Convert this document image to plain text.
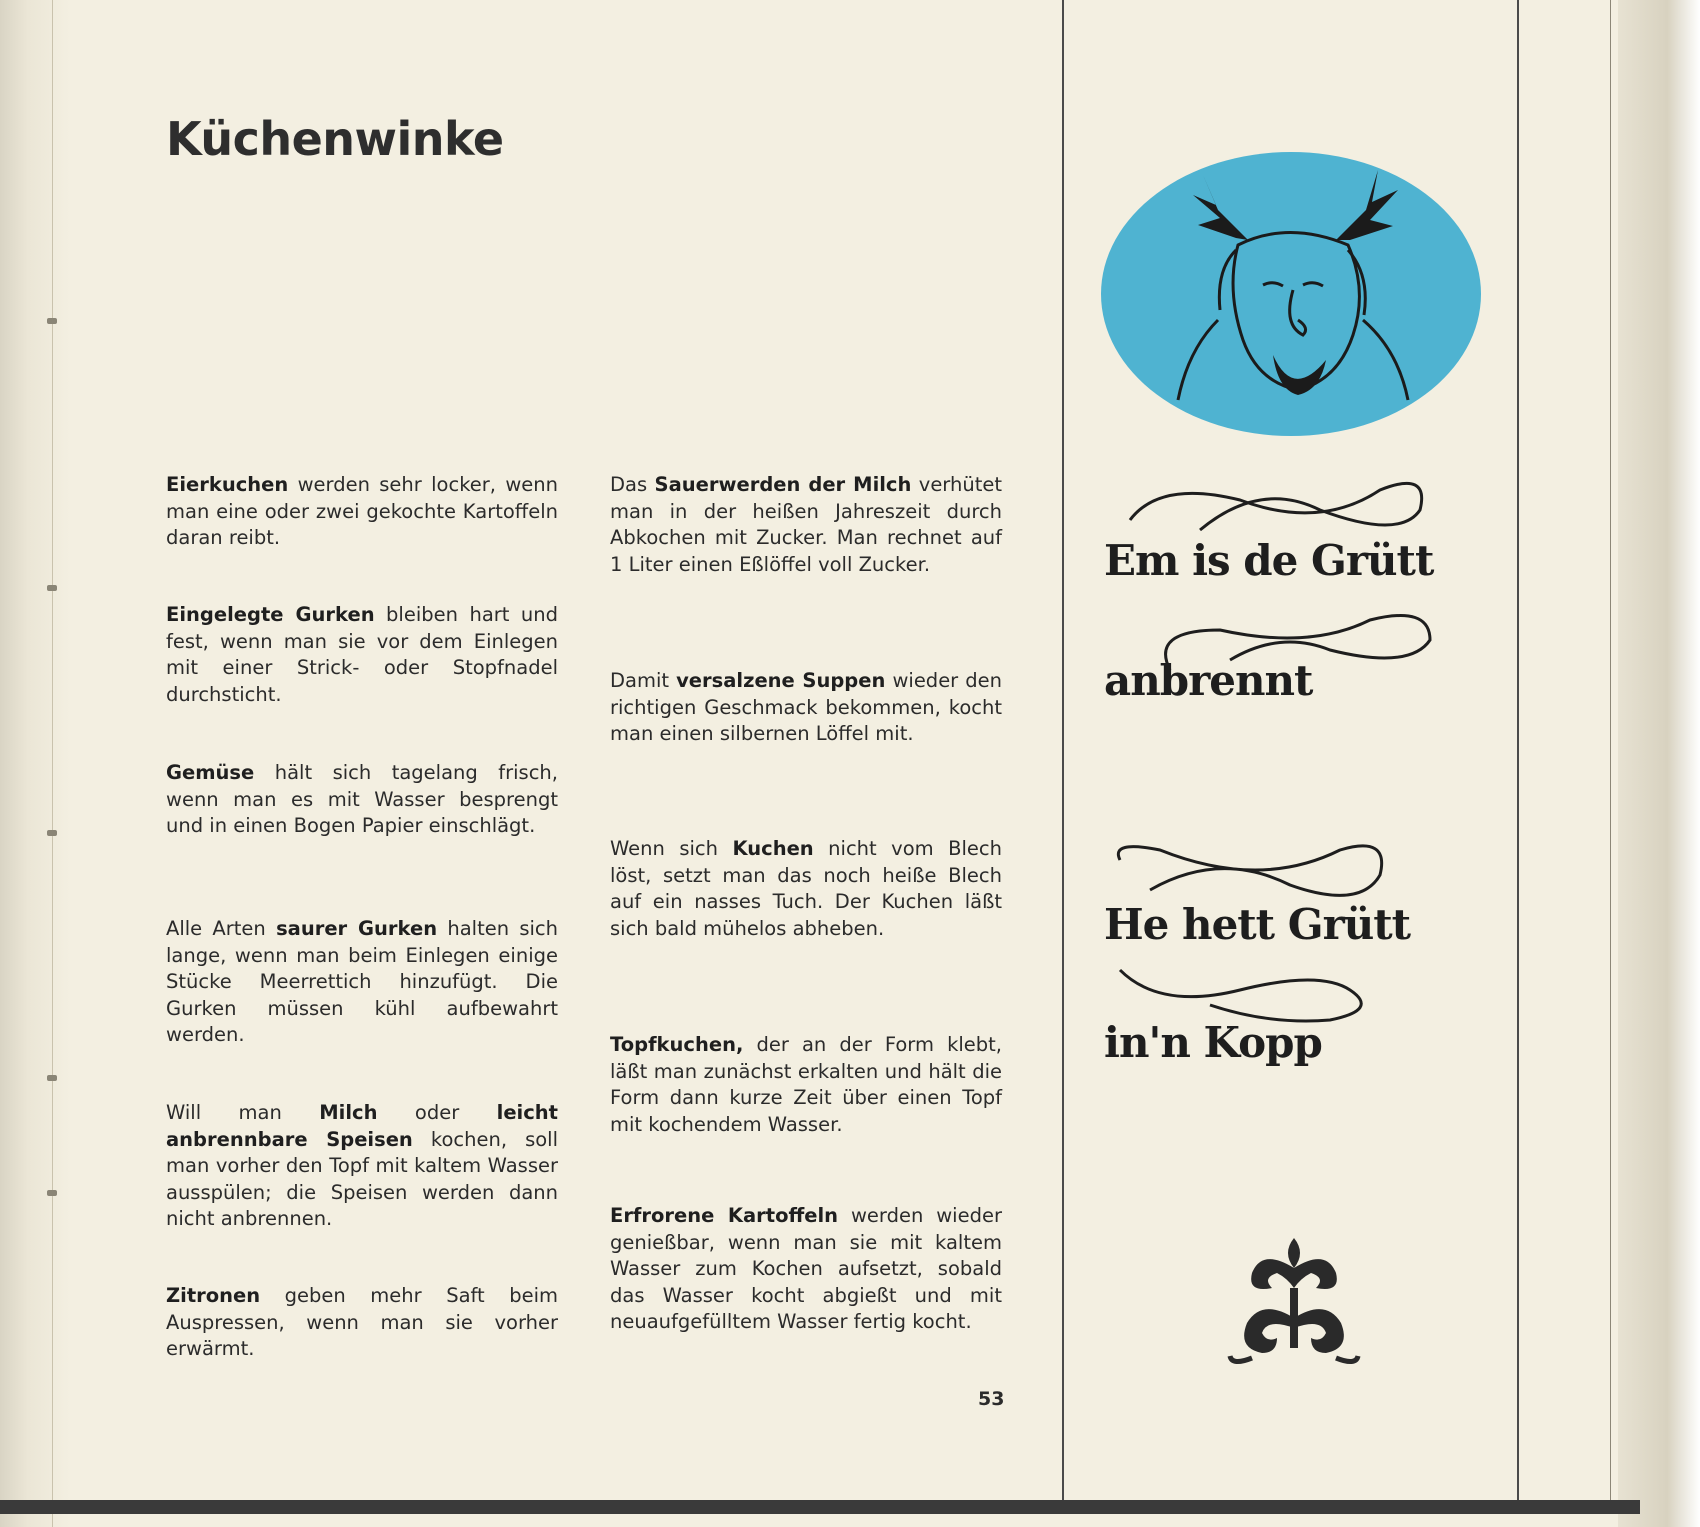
Küchenwinke
Eierkuchen werden sehr locker, wenn man eine oder zwei gekochte Kartoffeln daran reibt.
Eingelegte Gurken bleiben hart und fest, wenn man sie vor dem Einlegen mit einer Strick- oder Stopfnadel durchsticht.
Gemüse hält sich tagelang frisch, wenn man es mit Wasser besprengt und in einen Bogen Papier einschlägt.
Alle Arten saurer Gurken halten sich lange, wenn man beim Einlegen einige Stücke Meerrettich hinzufügt. Die Gurken müssen kühl aufbewahrt werden.
Will man Milch oder leicht anbrennbare Speisen kochen, soll man vorher den Topf mit kaltem Wasser ausspülen; die Speisen werden dann nicht anbrennen.
Zitronen geben mehr Saft beim Auspressen, wenn man sie vorher erwärmt.
Das Sauerwerden der Milch verhütet man in der heißen Jahreszeit durch Abkochen mit Zucker. Man rechnet auf 1 Liter einen Eßlöffel voll Zucker.
Damit versalzene Suppen wieder den richtigen Geschmack bekommen, kocht man einen silbernen Löffel mit.
Wenn sich Kuchen nicht vom Blech löst, setzt man das noch heiße Blech auf ein nasses Tuch. Der Kuchen läßt sich bald mühelos abheben.
Topfkuchen, der an der Form klebt, läßt man zunächst erkalten und hält die Form dann kurze Zeit über einen Topf mit kochendem Wasser.
Erfrorene Kartoffeln werden wieder genießbar, wenn man sie mit kaltem Wasser zum Kochen aufsetzt, sobald das Wasser kocht abgießt und mit neuaufgefülltem Wasser fertig kocht.
53
Em is de Grütt
anbrennt
He hett Grütt
in'n Kopp
